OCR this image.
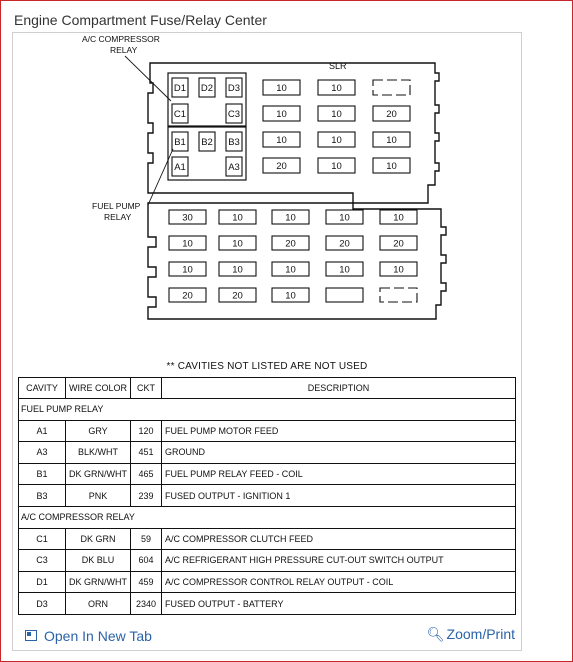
Engine Compartment Fuse/Relay Center
D1 D2 D3
C1	C3
B1 B2 B3
A1	A3
10	10
10	10	20
10	10	10
20	10	10
30	10	10	10	10
10	10	20	20	20
10	10	10	10	10
20	20	10
A/C COMPRESSOR
RELAY
FUEL PUMP
RELAY
SLR
** CAVITIES NOT LISTED ARE NOT USED
CAVITY	WIRE COLOR	CKT	DESCRIPTION
FUEL PUMP RELAY			
A1	GRY	120	FUEL PUMP MOTOR FEED
A3	BLK/WHT	451	GROUND
B1	DK GRN/WHT	465	FUEL PUMP RELAY FEED - COIL
B3	PNK	239	FUSED OUTPUT - IGNITION 1
A/C COMPRESSOR RELAY			
C1	DK GRN	59	A/C COMPRESSOR CLUTCH FEED
C3	DK BLU	604	A/C REFRIGERANT HIGH PRESSURE CUT-OUT SWITCH OUTPUT
D1	DK GRN/WHT	459	A/C COMPRESSOR CONTROL RELAY OUTPUT - COIL
D3	ORN	2340	FUSED OUTPUT - BATTERY
Open In New Tab	🔍︎ Zoom/Print
